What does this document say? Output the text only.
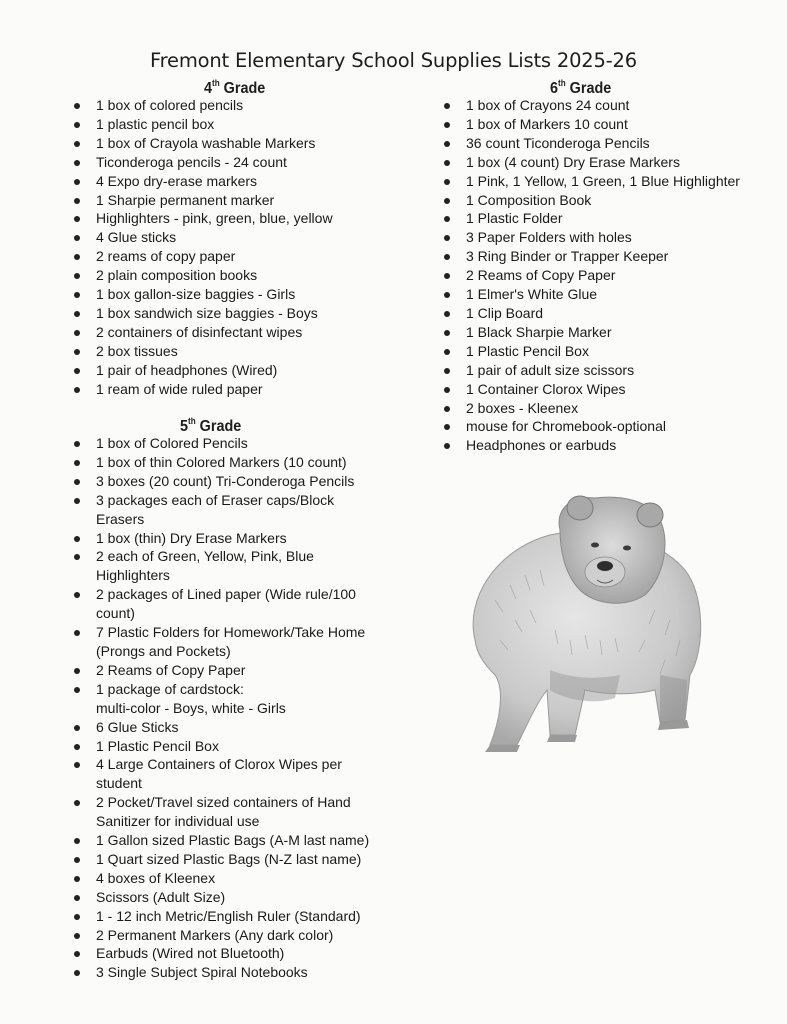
Fremont Elementary School Supplies Lists 2025-26
4th Grade	6th Grade
5th Grade
1 box of colored pencils
1 plastic pencil box
1 box of Crayola washable Markers
Ticonderoga pencils - 24 count
4 Expo dry-erase markers
1 Sharpie permanent marker
Highlighters - pink, green, blue, yellow
4 Glue sticks
2 reams of copy paper
2 plain composition books
1 box gallon-size baggies - Girls
1 box sandwich size baggies - Boys
2 containers of disinfectant wipes
2 box tissues
1 pair of headphones (Wired)
1 ream of wide ruled paper
1 box of Crayons 24 count
1 box of Markers 10 count
36 count Ticonderoga Pencils
1 box (4 count) Dry Erase Markers
1 Pink, 1 Yellow, 1 Green, 1 Blue Highlighter
1 Composition Book
1 Plastic Folder
3 Paper Folders with holes
3 Ring Binder or Trapper Keeper
2 Reams of Copy Paper
1 Elmer's White Glue
1 Clip Board
1 Black Sharpie Marker
1 Plastic Pencil Box
1 pair of adult size scissors
1 Container Clorox Wipes
2 boxes - Kleenex
mouse for Chromebook-optional
Headphones or earbuds
1 box of Colored Pencils
1 box of thin Colored Markers (10 count)
3 boxes (20 count) Tri-Conderoga Pencils
3 packages each of Eraser caps/Block
Erasers
1 box (thin) Dry Erase Markers
2 each of Green, Yellow, Pink, Blue
Highlighters
2 packages of Lined paper (Wide rule/100
count)
7 Plastic Folders for Homework/Take Home
(Prongs and Pockets)
2 Reams of Copy Paper
1 package of cardstock:
multi-color - Boys, white - Girls
6 Glue Sticks
1 Plastic Pencil Box
4 Large Containers of Clorox Wipes per
student
2 Pocket/Travel sized containers of Hand
Sanitizer for individual use
1 Gallon sized Plastic Bags (A-M last name)
1 Quart sized Plastic Bags (N-Z last name)
4 boxes of Kleenex
Scissors (Adult Size)
1 - 12 inch Metric/English Ruler (Standard)
2 Permanent Markers (Any dark color)
Earbuds (Wired not Bluetooth)
3 Single Subject Spiral Notebooks
